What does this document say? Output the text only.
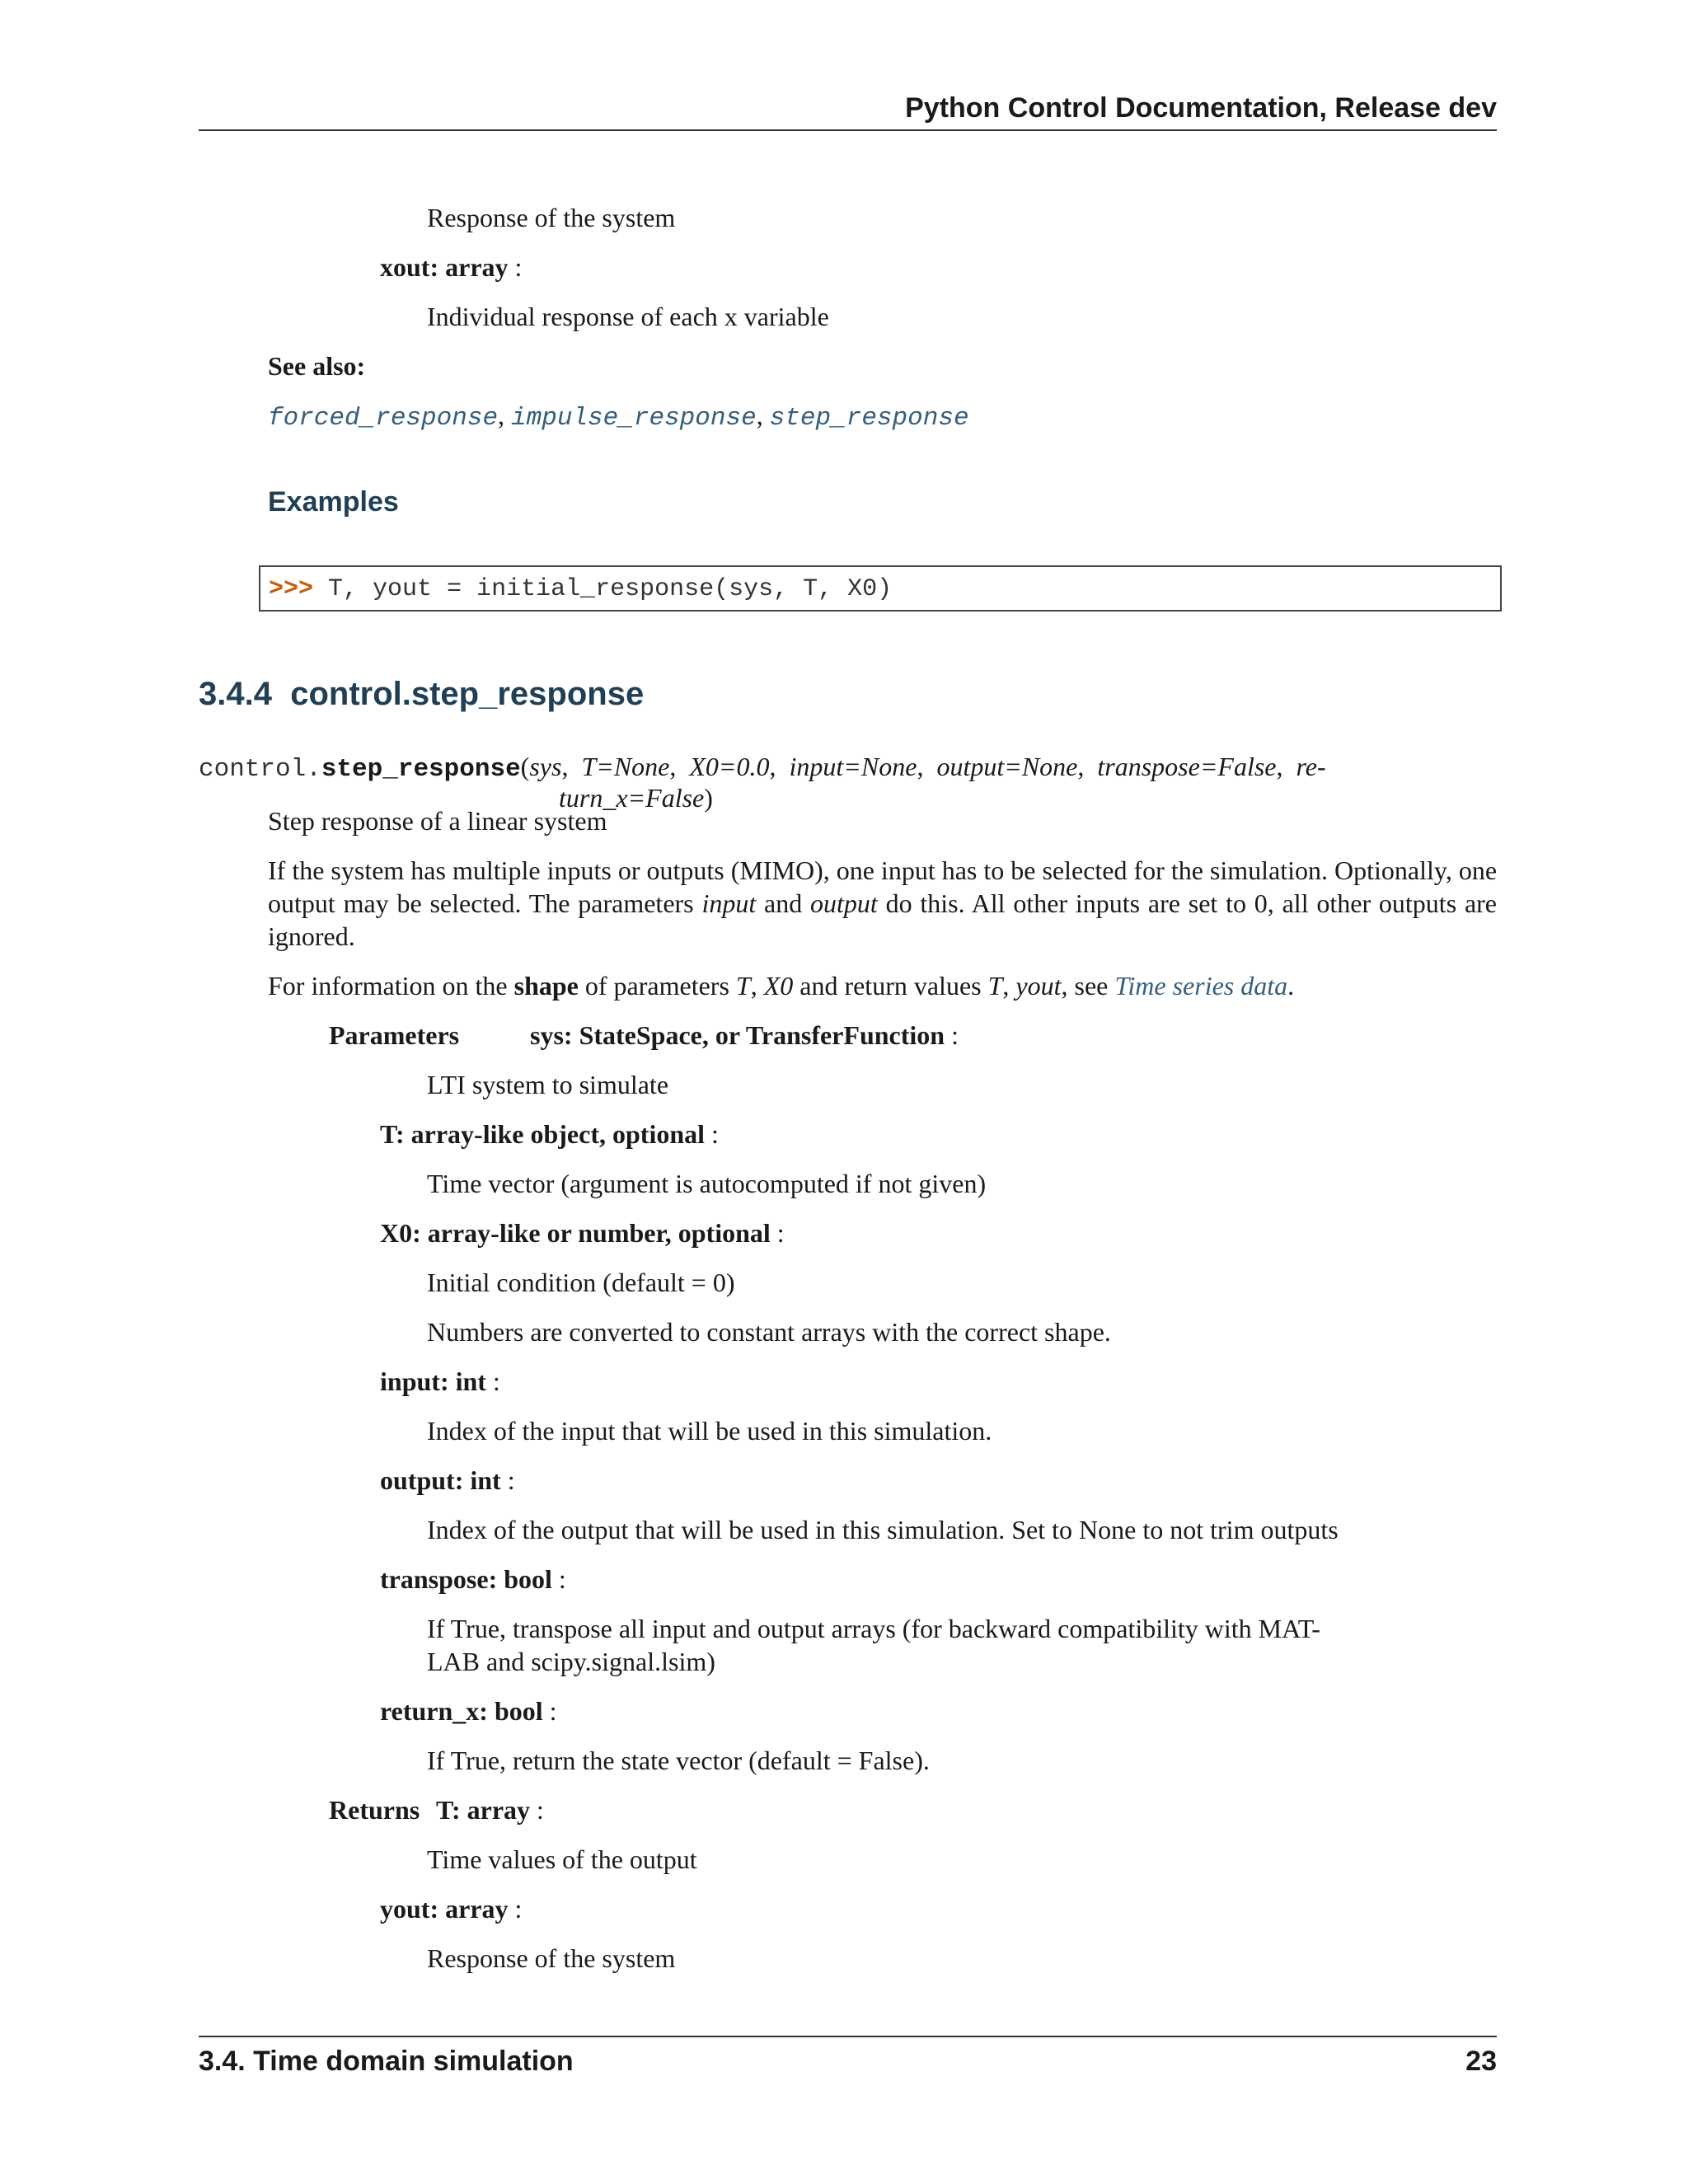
Python Control Documentation, Release dev
Response of the system
xout: array :
Individual response of each x variable
See also:
forced_response, impulse_response, step_response
Examples
>>> T, yout = initial_response(sys, T, X0)
3.4.4 control.step_response
control.step_response(sys,  T=None,  X0=0.0,  input=None,  output=None,  transpose=False,  re-
turn_x=False)
Step response of a linear system
If the system has multiple inputs or outputs (MIMO), one input has to be selected for the simulation. Optionally, one output may be selected. The parameters input and output do this. All other inputs are set to 0, all other outputs are ignored.
For information on the shape of parameters T, X0 and return values T, yout, see Time series data.
Parameters	sys: StateSpace, or TransferFunction :
LTI system to simulate
T: array-like object, optional :
Time vector (argument is autocomputed if not given)
X0: array-like or number, optional :
Initial condition (default = 0)
Numbers are converted to constant arrays with the correct shape.
input: int :
Index of the input that will be used in this simulation.
output: int :
Index of the output that will be used in this simulation. Set to None to not trim outputs
transpose: bool :
If True, transpose all input and output arrays (for backward compatibility with MAT-
LAB and scipy.signal.lsim)
return_x: bool :
If True, return the state vector (default = False).
Returns T: array :
Time values of the output
yout: array :
Response of the system
3.4. Time domain simulation	23
